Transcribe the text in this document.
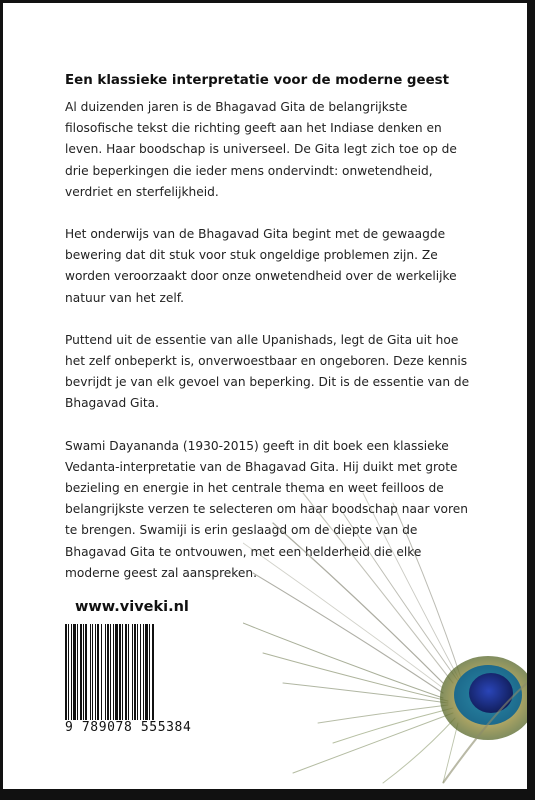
Een klassieke interpretatie voor de moderne geest

Al duizenden jaren is de Bhagavad Gita de belangrijkste filosofische tekst die richting geeft aan het Indiase denken en leven. Haar boodschap is universeel. De Gita legt zich toe op de drie beperkingen die ieder mens ondervindt: onwetendheid, verdriet en sterfelijkheid.

Het onderwijs van de Bhagavad Gita begint met de gewaagde bewering dat dit stuk voor stuk ongeldige problemen zijn. Ze worden veroorzaakt door onze onwetendheid over de werkelijke natuur van het zelf.

Puttend uit de essentie van alle Upanishads, legt de Gita uit hoe het zelf onbeperkt is, onverwoestbaar en ongeboren. Deze kennis bevrijdt je van elk gevoel van beperking. Dit is de essentie van de Bhagavad Gita.

Swami Dayananda (1930-2015) geeft in dit boek een klassieke Vedanta-interpretatie van de Bhagavad Gita. Hij duikt met grote bezieling en energie in het centrale thema en weet feilloos de belangrijkste verzen te selecteren om haar boodschap naar voren te brengen. Swamiji is erin geslaagd om de diepte van de Bhagavad Gita te ontvouwen, met een helderheid die elke moderne geest zal aanspreken.

www.viveki.nl
9 789078 555384
